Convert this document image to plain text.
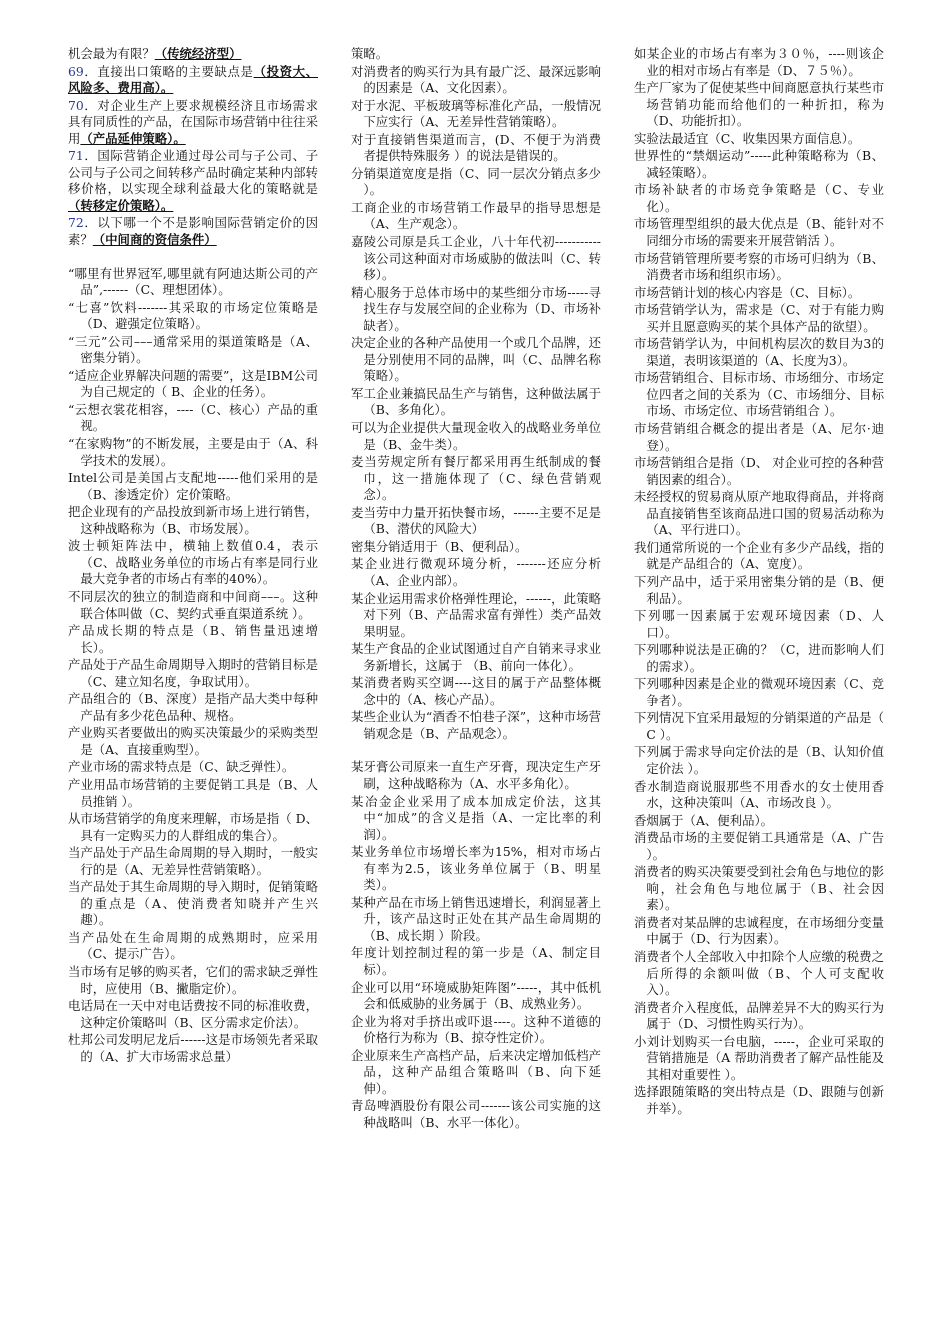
机会最为有限？（传统经济型）

69．直接出口策略的主要缺点是（投资大、风险多、费用高）。

70．对企业生产上要求规模经济且市场需求具有同质性的产品，在国际市场营销中往往采用（产品延伸策略）。

71．国际营销企业通过母公司与子公司、子公司与子公司之间转移产品时确定某种内部转移价格，以实现全球利益最大化的策略就是（转移定价策略）。

72．以下哪一个不是影响国际营销定价的因素？（中间商的资信条件）

“哪里有世界冠军,哪里就有阿迪达斯公司的产品”,------（C、理想团体）。

“七喜”饮料-------其采取的市场定位策略是（D、避强定位策略）。

“三元”公司–––通常采用的渠道策略是（A、密集分销）。

“适应企业界解决问题的需要”，这是IBM公司为自己规定的（ B、企业的任务）。

“云想衣裳花相容，----（C、核心）产品的重视。

“在家购物”的不断发展，主要是由于（A、科学技术的发展）。

Intel公司是美国占支配地-----他们采用的是（B、渗透定价）定价策略。

把企业现有的产品投放到新市场上进行销售，这种战略称为（B、市场发展）。

波士顿矩阵法中，横轴上数值0.4，表示（C、战略业务单位的市场占有率是同行业最大竞争者的市场占有率的40%）。

不同层次的独立的制造商和中间商–––。这种联合体叫做（C、契约式垂直渠道系统 ）。

产品成长期的特点是（B、销售量迅速增长）。

产品处于产品生命周期导入期时的营销目标是（C、建立知名度，争取试用）。

产品组合的（B、深度）是指产品大类中每种产品有多少花色品种、规格。

产业购买者要做出的购买决策最少的采购类型是（A、直接重购型）。

产业市场的需求特点是（C、缺乏弹性）。

产业用品市场营销的主要促销工具是（B、人员推销 ）。

从市场营销学的角度来理解，市场是指（ D、具有一定购买力的人群组成的集合）。

当产品处于产品生命周期的导入期时，一般实行的是（A、无差异性营销策略）。

当产品处于其生命周期的导入期时，促销策略的重点是（A、使消费者知晓并产生兴趣）。

当产品处在生命周期的成熟期时，应采用（C、提示广告）。

当市场有足够的购买者，它们的需求缺乏弹性时，应使用（B、撇脂定价）。

电话局在一天中对电话费按不同的标准收费，这种定价策略叫（B、区分需求定价法）。

杜邦公司发明尼龙后------这是市场领先者采取的（A、扩大市场需求总量）

策略。

对消费者的购买行为具有最广泛、最深远影响的因素是（A、文化因素）。

对于水泥、平板玻璃等标准化产品，一般情况下应实行（A、无差异性营销策略）。

对于直接销售渠道而言，(D、不便于为消费者提供特殊服务 ）的说法是错误的。

分销渠道宽度是指（C、同一层次分销点多少 ）。

工商企业的市场营销工作最早的指导思想是（A、生产观念）。

嘉陵公司原是兵工企业，八十年代初-----------该公司这种面对市场威胁的做法叫（C、转移）。

精心服务于总体市场中的某些细分市场-----寻找生存与发展空间的企业称为（D、市场补缺者）。

决定企业的各种产品使用一个或几个品牌，还是分别使用不同的品牌，叫（C、品牌名称策略）。

军工企业兼搞民品生产与销售，这种做法属于（B、多角化）。

可以为企业提供大量现金收入的战略业务单位是（B、金牛类）。

麦当劳规定所有餐厅都采用再生纸制成的餐巾，这一措施体现了（C、绿色营销观念）。

麦当劳中力量开拓快餐市场，------主要不足是（B、潜伏的风险大）

密集分销适用于（B、便利品）。

某企业进行微观环境分析，-------还应分析（A、企业内部）。

某企业运用需求价格弹性理论，------，此策略对下列（B、产品需求富有弹性）类产品效果明显。

某生产食品的企业试图通过自产自销来寻求业务新增长，这属于 （B、前向一体化）。

某消费者购买空调----这目的属于产品整体概念中的（A、核心产品）。

某些企业认为“酒香不怕巷子深”，这种市场营销观念是（B、产品观念）。

某牙膏公司原来一直生产牙膏，现决定生产牙刷，这种战略称为（A、水平多角化）。

某冶金企业采用了成本加成定价法，这其中“加成”的含义是指（A、一定比率的利润）。

某业务单位市场增长率为15%，相对市场占有率为2.5，该业务单位属于（B、明星类）。

某种产品在市场上销售迅速增长，利润显著上升，该产品这时正处在其产品生命周期的（B、成长期 ）阶段。

年度计划控制过程的第一步是（A、制定目标）。

企业可以用“环境威胁矩阵图”-----，其中低机会和低威胁的业务属于（B、成熟业务）。

企业为将对手挤出或吓退----。这种不道德的价格行为称为（B、掠夺性定价）。

企业原来生产高档产品，后来决定增加低档产品，这种产品组合策略叫（B、向下延伸）。

青岛啤酒股份有限公司-------该公司实施的这种战略叫（B、水平一体化）。

如某企业的市场占有率为３０％，----则该企业的相对市场占有率是（D、７５％）。

生产厂家为了促使某些中间商愿意执行某些市场营销功能而给他们的一种折扣，称为（D、功能折扣）。

实验法最适宜（C、收集因果方面信息）。

世界性的“禁烟运动”-----此种策略称为（B、减轻策略）。

市场补缺者的市场竞争策略是（C、专业化）。

市场管理型组织的最大优点是（B、能针对不同细分市场的需要来开展营销活 ）。

市场营销管理所要考察的市场可归纳为（B、消费者市场和组织市场）。

市场营销计划的核心内容是（C、目标）。

市场营销学认为，需求是（C、对于有能力购买并且愿意购买的某个具体产品的欲望）。

市场营销学认为，中间机构层次的数目为3的渠道，表明该渠道的（A、长度为3）。

市场营销组合、目标市场、市场细分、市场定位四者之间的关系为（C、市场细分、目标市场、市场定位、市场营销组合 ）。

市场营销组合概念的提出者是（A、尼尔·迪登）。

市场营销组合是指（D、 对企业可控的各种营销因素的组合）。

未经授权的贸易商从原产地取得商品，并将商品直接销售至该商品进口国的贸易活动称为（A、平行进口）。

我们通常所说的一个企业有多少产品线，指的就是产品组合的（A、宽度）。

下列产品中，适于采用密集分销的是（B、便利品）。

下列哪一因素属于宏观环境因素（D、人口）。

下列哪种说法是正确的？（C，进而影响人们的需求）。

下列哪种因素是企业的微观环境因素（C、竞争者）。

下列情况下宜采用最短的分销渠道的产品是（ C ）。

下列属于需求导向定价法的是（B、认知价值定价法 ）。

香水制造商说服那些不用香水的女士使用香水，这种决策叫（A、市场改良 ）。

香烟属于（A、便利品）。

消费品市场的主要促销工具通常是（A、广告 ）。

消费者的购买决策要受到社会角色与地位的影响，社会角色与地位属于（B、社会因素）。

消费者对某品牌的忠诚程度，在市场细分变量中属于（D、行为因素）。

消费者个人全部收入中扣除个人应缴的税费之后所得的余额叫做（B、个人可支配收入）。

消费者介入程度低，品牌差异不大的购买行为属于（D、习惯性购买行为）。

小刘计划购买一台电脑，-----，企业可采取的营销措施是（A 帮助消费者了解产品性能及其相对重要性 ）。

选择跟随策略的突出特点是（D、跟随与创新并举）。
